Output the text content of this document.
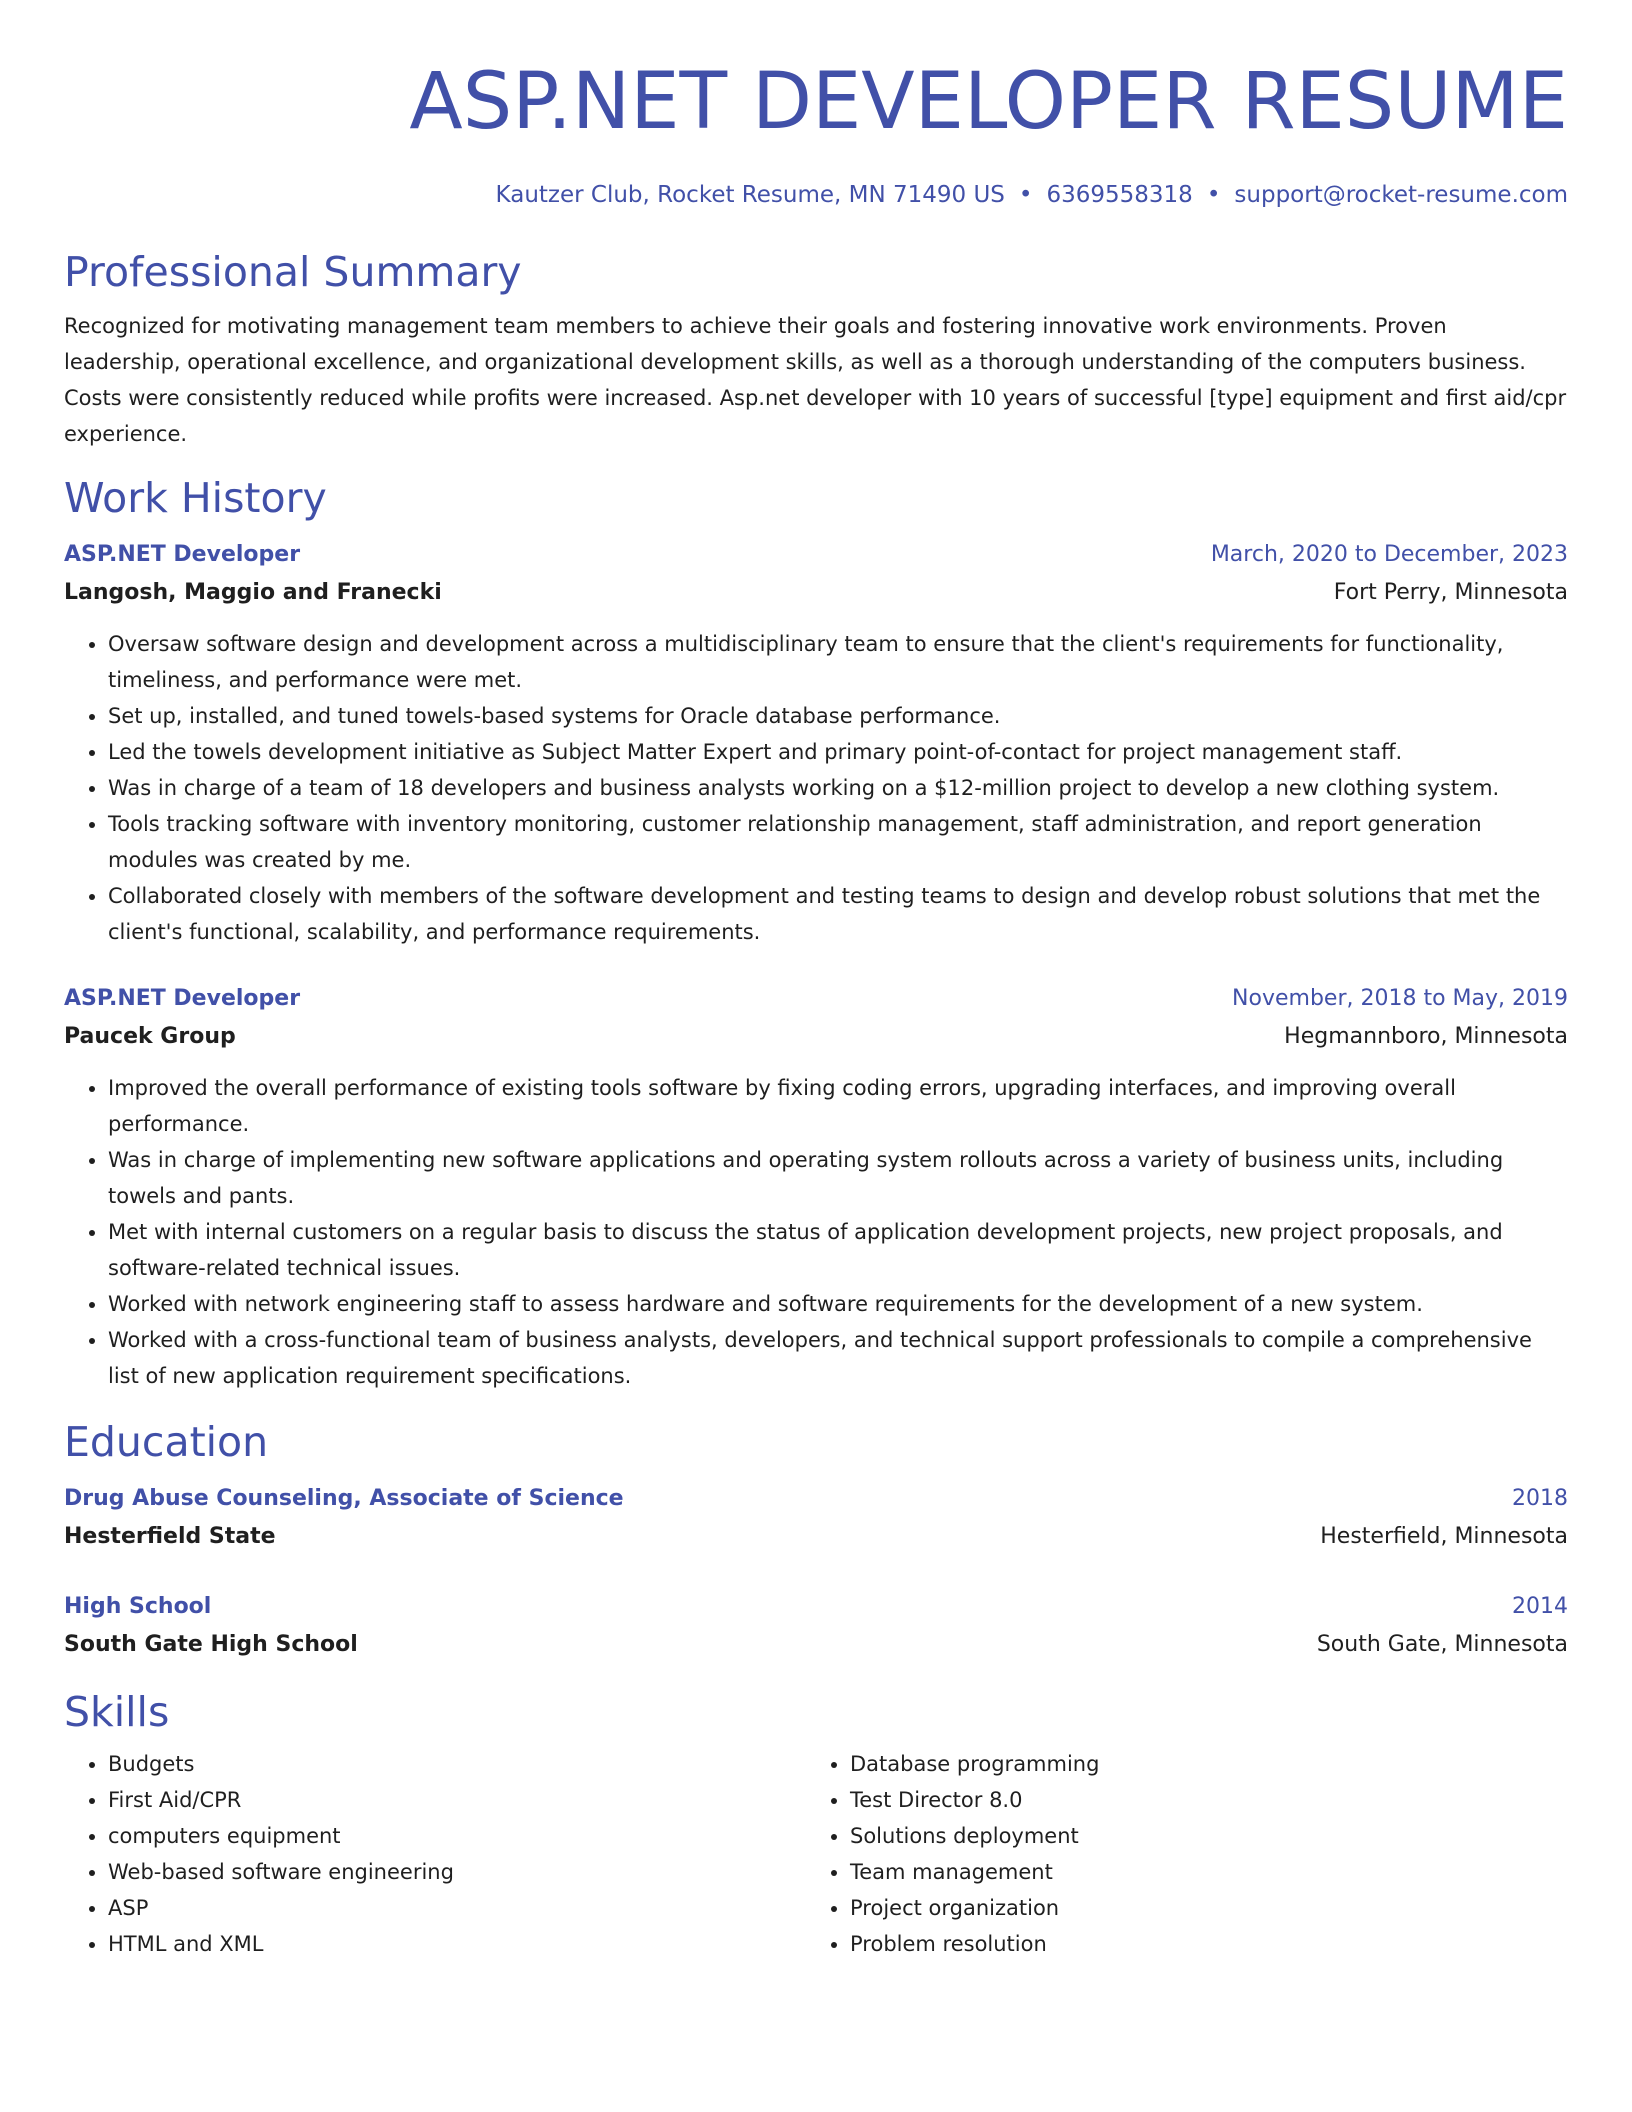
ASP.NET DEVELOPER RESUME
Kautzer Club, Rocket Resume, MN 71490 US • 6369558318 • support@rocket-resume.com
Professional Summary

Recognized for motivating management team members to achieve their goals and fostering innovative work environments. Proven leadership, operational excellence, and organizational development skills, as well as a thorough understanding of the computers business. Costs were consistently reduced while profits were increased. Asp.net developer with 10 years of successful [type] equipment and first aid/cpr experience.

Work History
ASP.NET Developer	March, 2020 to December, 2023
Langosh, Maggio and Franecki	Fort Perry, Minnesota
• Oversaw software design and development across a multidisciplinary team to ensure that the client's requirements for functionality, timeliness, and performance were met.
• Set up, installed, and tuned towels-based systems for Oracle database performance.
• Led the towels development initiative as Subject Matter Expert and primary point-of-contact for project management staff.
• Was in charge of a team of 18 developers and business analysts working on a $12-million project to develop a new clothing system.
• Tools tracking software with inventory monitoring, customer relationship management, staff administration, and report generation modules was created by me.
• Collaborated closely with members of the software development and testing teams to design and develop robust solutions that met the client's functional, scalability, and performance requirements.
ASP.NET Developer	November, 2018 to May, 2019
Paucek Group	Hegmannboro, Minnesota
• Improved the overall performance of existing tools software by fixing coding errors, upgrading interfaces, and improving overall performance.
• Was in charge of implementing new software applications and operating system rollouts across a variety of business units, including towels and pants.
• Met with internal customers on a regular basis to discuss the status of application development projects, new project proposals, and software-related technical issues.
• Worked with network engineering staff to assess hardware and software requirements for the development of a new system.
• Worked with a cross-functional team of business analysts, developers, and technical support professionals to compile a comprehensive list of new application requirement specifications.
Education
Drug Abuse Counseling, Associate of Science	2018
Hesterfield State	Hesterfield, Minnesota
High School	2014
South Gate High School	South Gate, Minnesota
Skills
• Budgets
• First Aid/CPR
• computers equipment
• Web-based software engineering
• ASP
• HTML and XML
• Database programming
• Test Director 8.0
• Solutions deployment
• Team management
• Project organization
• Problem resolution
